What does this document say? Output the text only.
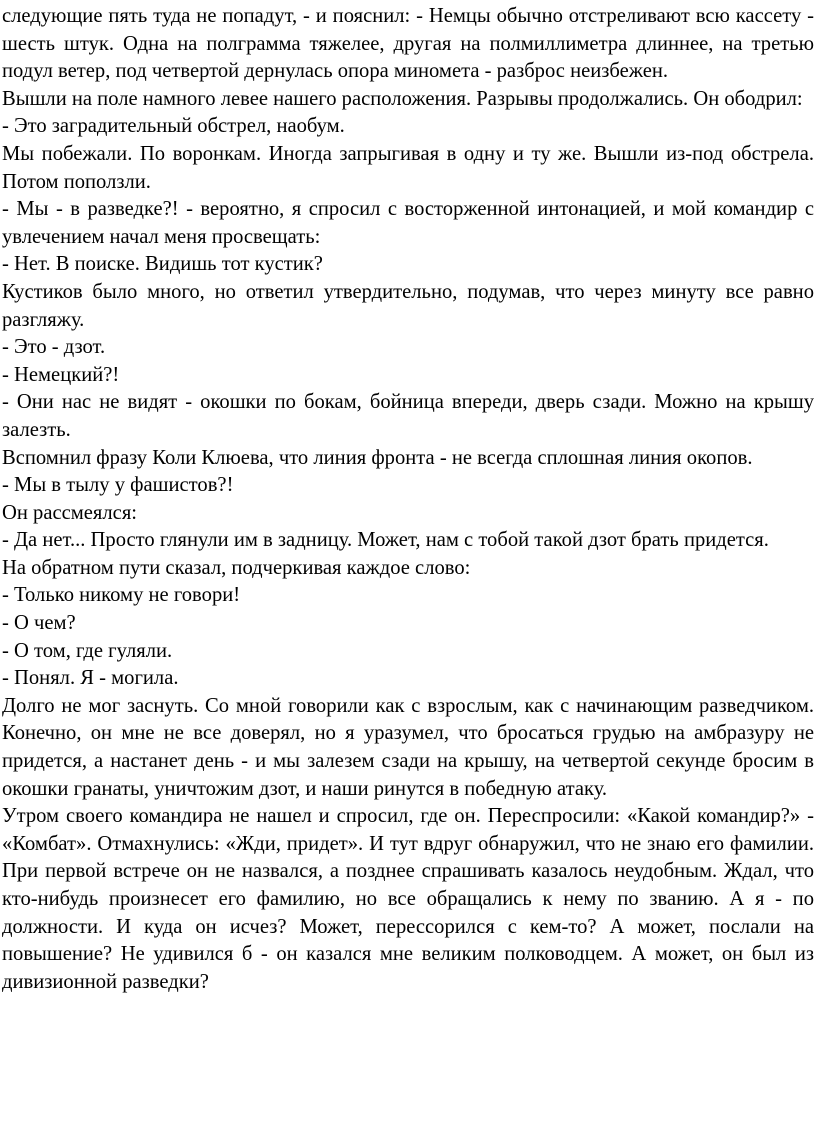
следующие пять туда не попадут, - и пояснил: - Немцы обычно отстреливают всю кассету - шесть штук. Одна на полграмма тяжелее, другая на полмиллиметра длиннее, на третью подул ветер, под четвертой дернулась опора миномета - разброс неизбежен.

Вышли на поле намного левее нашего расположения. Разрывы продолжались. Он ободрил:

- Это заградительный обстрел, наобум.

Мы побежали. По воронкам. Иногда запрыгивая в одну и ту же. Вышли из-под обстрела. Потом поползли.

- Мы - в разведке?! - вероятно, я спросил с восторженной интонацией, и мой командир с увлечением начал меня просвещать:

- Нет. В поиске. Видишь тот кустик?

Кустиков было много, но ответил утвердительно, подумав, что через минуту все равно разгляжу.

- Это - дзот.

- Немецкий?!

- Они нас не видят - окошки по бокам, бойница впереди, дверь сзади. Можно на крышу залезть.

Вспомнил фразу Коли Клюева, что линия фронта - не всегда сплошная линия окопов.

- Мы в тылу у фашистов?!

Он рассмеялся:

- Да нет... Просто глянули им в задницу. Может, нам с тобой такой дзот брать придется.

На обратном пути сказал, подчеркивая каждое слово:

- Только никому не говори!

- О чем?

- О том, где гуляли.

- Понял. Я - могила.

Долго не мог заснуть. Со мной говорили как с взрослым, как с начинающим разведчиком. Конечно, он мне не все доверял, но я уразумел, что бросаться грудью на амбразуру не придется, а настанет день - и мы залезем сзади на крышу, на четвертой секунде бросим в окошки гранаты, уничтожим дзот, и наши ринутся в победную атаку.

Утром своего командира не нашел и спросил, где он. Переспросили: «Какой командир?» - «Комбат». Отмахнулись: «Жди, придет». И тут вдруг обнаружил, что не знаю его фамилии. При первой встрече он не назвался, а позднее спрашивать казалось неудобным. Ждал, что кто-нибудь произнесет его фамилию, но все обращались к нему по званию. А я - по должности. И куда он исчез? Может, перессорился с кем-то? А может, послали на повышение? Не удивился б - он казался мне великим полководцем. А может, он был из дивизионной разведки?
